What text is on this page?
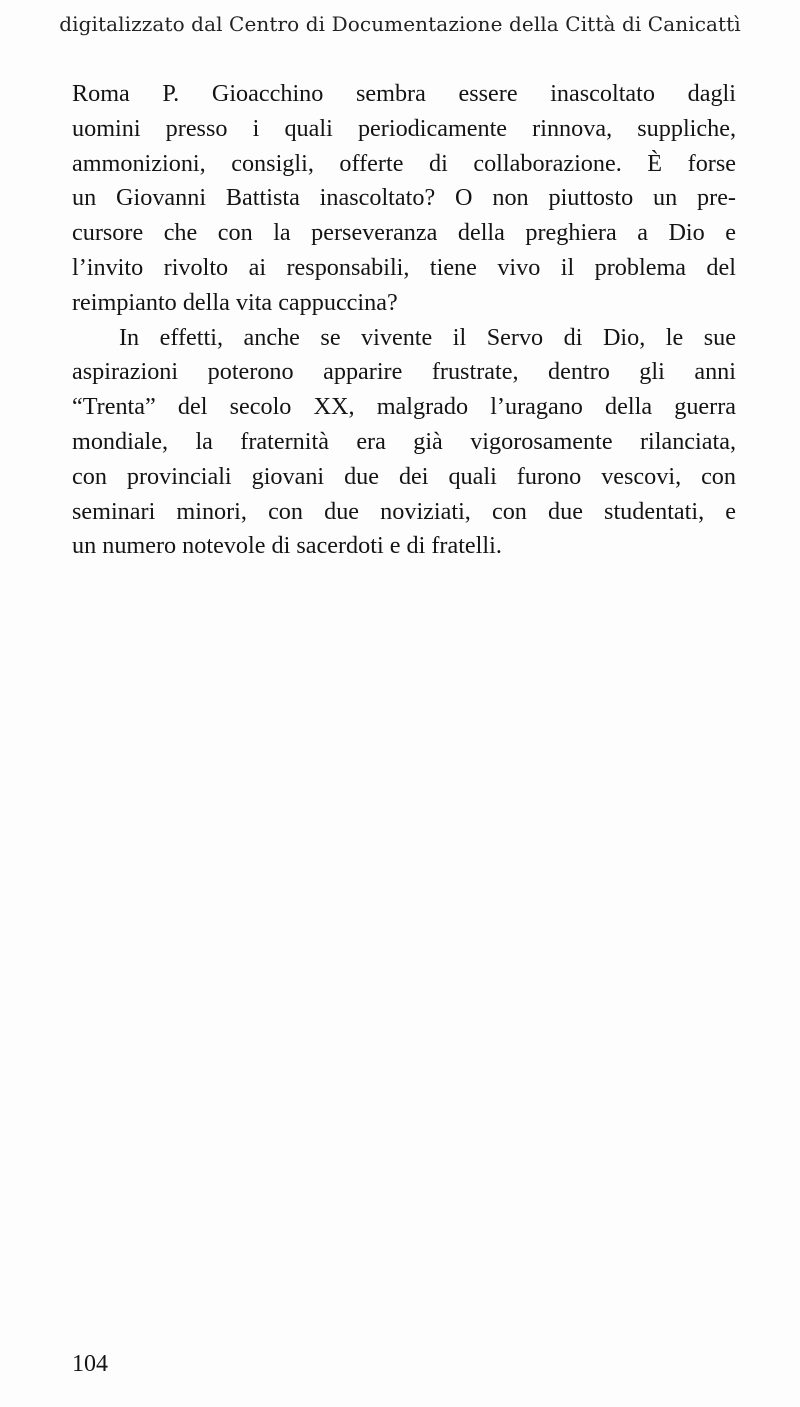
digitalizzato dal Centro di Documentazione della Città di Canicattì
Roma P. Gioacchino sembra essere inascoltato dagli
uomini presso i quali periodicamente rinnova, suppliche,
ammonizioni, consigli, offerte di collaborazione. È forse
un Giovanni Battista inascoltato? O non piuttosto un pre-
cursore che con la perseveranza della preghiera a Dio e
l’invito rivolto ai responsabili, tiene vivo il problema del
reimpianto della vita cappuccina?
In effetti, anche se vivente il Servo di Dio, le sue
aspirazioni poterono apparire frustrate, dentro gli anni
“Trenta” del secolo XX, malgrado l’uragano della guerra
mondiale, la fraternità era già vigorosamente rilanciata,
con provinciali giovani due dei quali furono vescovi, con
seminari minori, con due noviziati, con due studentati, e
un numero notevole di sacerdoti e di fratelli.
104
